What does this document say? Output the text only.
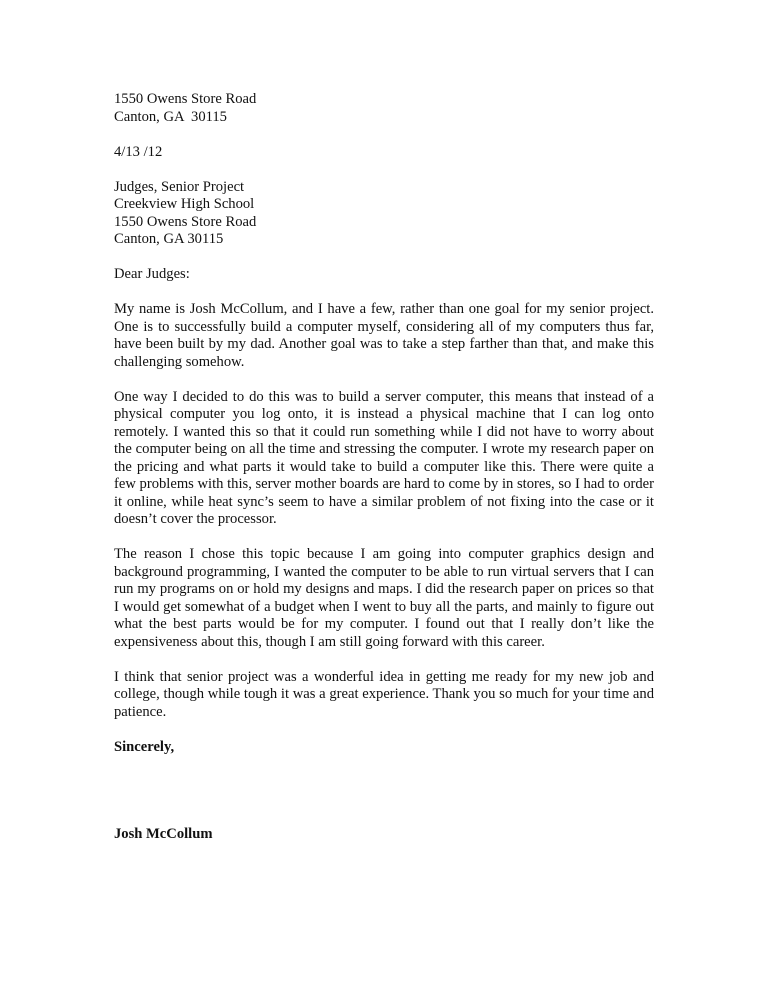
1550 Owens Store Road
Canton, GA  30115
4/13 /12
Judges, Senior Project
Creekview High School
1550 Owens Store Road
Canton, GA 30115
Dear Judges:

My name is Josh McCollum, and I have a few, rather than one goal for my senior project. One is to successfully build a computer myself, considering all of my computers thus far, have been built by my dad. Another goal was to take a step farther than that, and make this challenging somehow.

One way I decided to do this was to build a server computer, this means that instead of a physical computer you log onto, it is instead a physical machine that I can log onto remotely. I wanted this so that it could run something while I did not have to worry about the computer being on all the time and stressing the computer. I wrote my research paper on the pricing and what parts it would take to build a computer like this. There were quite a few problems with this, server mother boards are hard to come by in stores, so I had to order it online, while heat sync’s seem to have a similar problem of not fixing into the case or it doesn’t cover the processor.

The reason I chose this topic because I am going into computer graphics design and background programming, I wanted the computer to be able to run virtual servers that I can run my programs on or hold my designs and maps. I did the research paper on prices so that I would get somewhat of a budget when I went to buy all the parts, and mainly to figure out what the best parts would be for my computer. I found out that I really don’t like the expensiveness about this, though I am still going forward with this career.

I think that senior project was a wonderful idea in getting me ready for my new job and college, though while tough it was a great experience. Thank you so much for your time and patience.

Sincerely,
Josh McCollum
